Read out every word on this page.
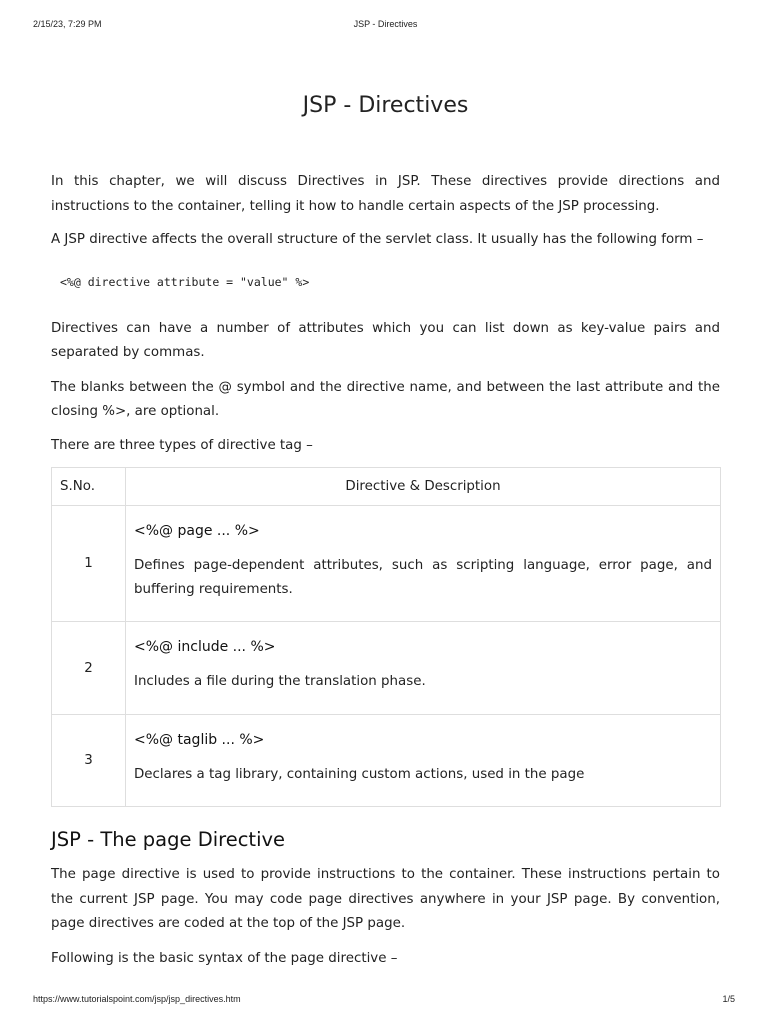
2/15/23, 7:29 PM	JSP - Directives
JSP - Directives

In this chapter, we will discuss Directives in JSP. These directives provide directions and instructions to the container, telling it how to handle certain aspects of the JSP processing.

A JSP directive affects the overall structure of the servlet class. It usually has the following form –

<%@ directive attribute = "value" %>

Directives can have a number of attributes which you can list down as key-value pairs and separated by commas.

The blanks between the @ symbol and the directive name, and between the last attribute and the closing %>, are optional.

There are three types of directive tag –

S.No.	Directive & Description
1	<%@ page ... %>
Defines page-dependent attributes, such as scripting language, error page, and buffering requirements.

2	<%@ include ... %>
Includes a file during the translation phase.

3	<%@ taglib ... %>
Declares a tag library, containing custom actions, used in the page
JSP - The page Directive

The page directive is used to provide instructions to the container. These instructions pertain to the current JSP page. You may code page directives anywhere in your JSP page. By convention, page directives are coded at the top of the JSP page.

Following is the basic syntax of the page directive –

https://www.tutorialspoint.com/jsp/jsp_directives.htm	1/5
